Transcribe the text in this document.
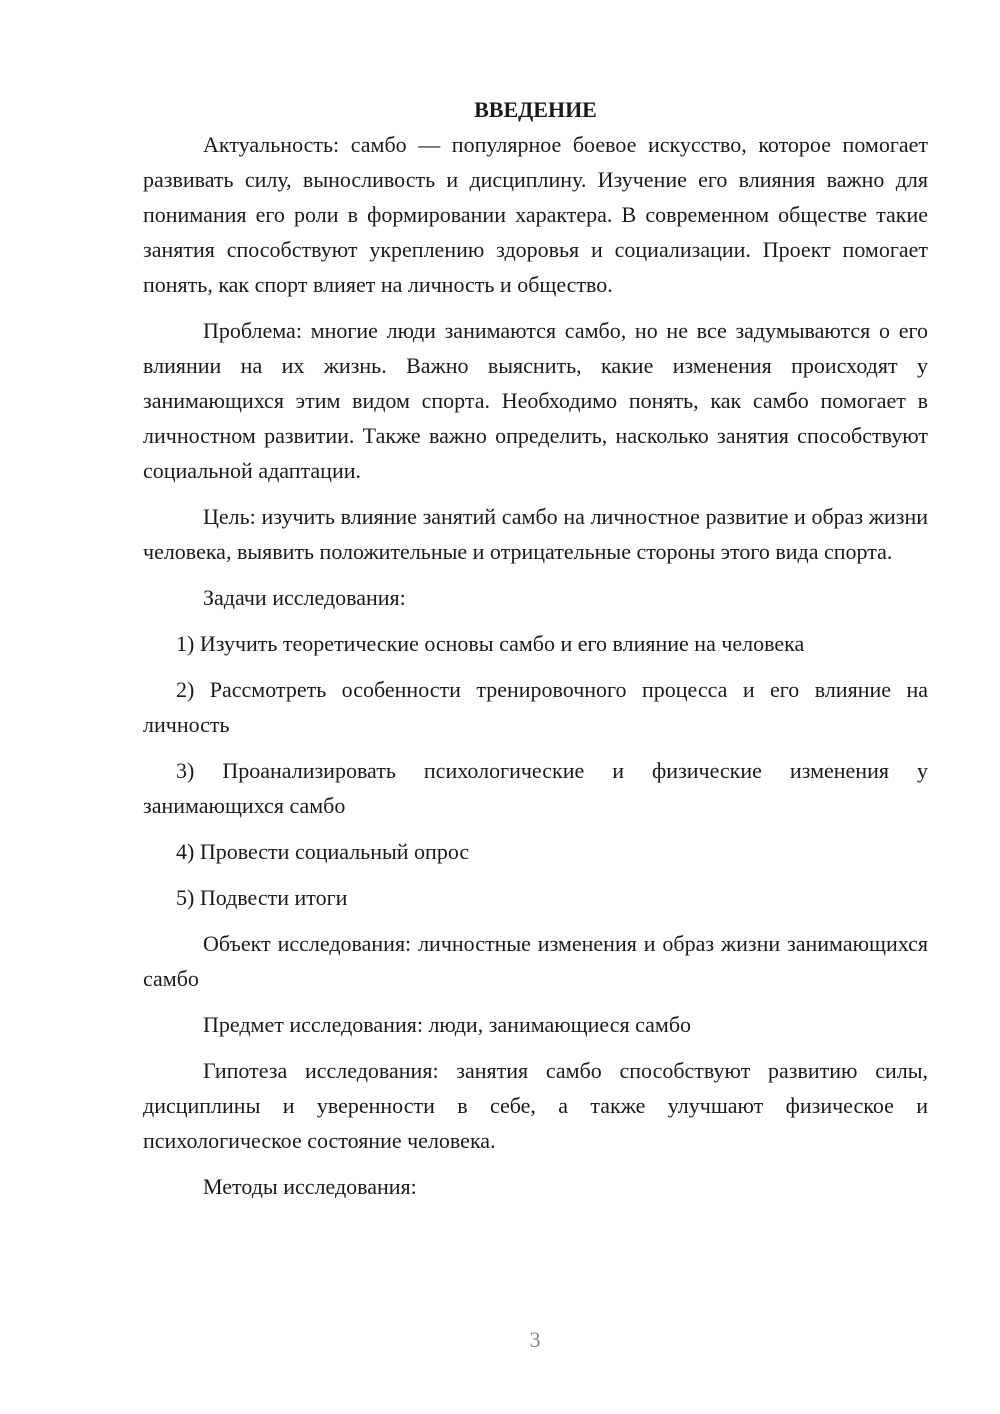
ВВЕДЕНИЕ

Актуальность: самбо — популярное боевое искусство, которое помогает развивать силу, выносливость и дисциплину. Изучение его влияния важно для понимания его роли в формировании характера. В современном обществе такие занятия способствуют укреплению здоровья и социализации. Проект помогает понять, как спорт влияет на личность и общество.

Проблема: многие люди занимаются самбо, но не все задумываются о его влиянии на их жизнь. Важно выяснить, какие изменения происходят у занимающихся этим видом спорта. Необходимо понять, как самбо помогает в личностном развитии. Также важно определить, насколько занятия способствуют социальной адаптации.

Цель: изучить влияние занятий самбо на личностное развитие и образ жизни человека, выявить положительные и отрицательные стороны этого вида спорта.

Задачи исследования:

1) Изучить теоретические основы самбо и его влияние на человека

2) Рассмотреть особенности тренировочного процесса и его влияние на личность

3) Проанализировать психологические и физические изменения у занимающихся самбо

4) Провести социальный опрос

5) Подвести итоги

Объект исследования: личностные изменения и образ жизни занимающихся самбо

Предмет исследования: люди, занимающиеся самбо

Гипотеза исследования: занятия самбо способствуют развитию силы, дисциплины и уверенности в себе, а также улучшают физическое и психологическое состояние человека.

Методы исследования:

3
